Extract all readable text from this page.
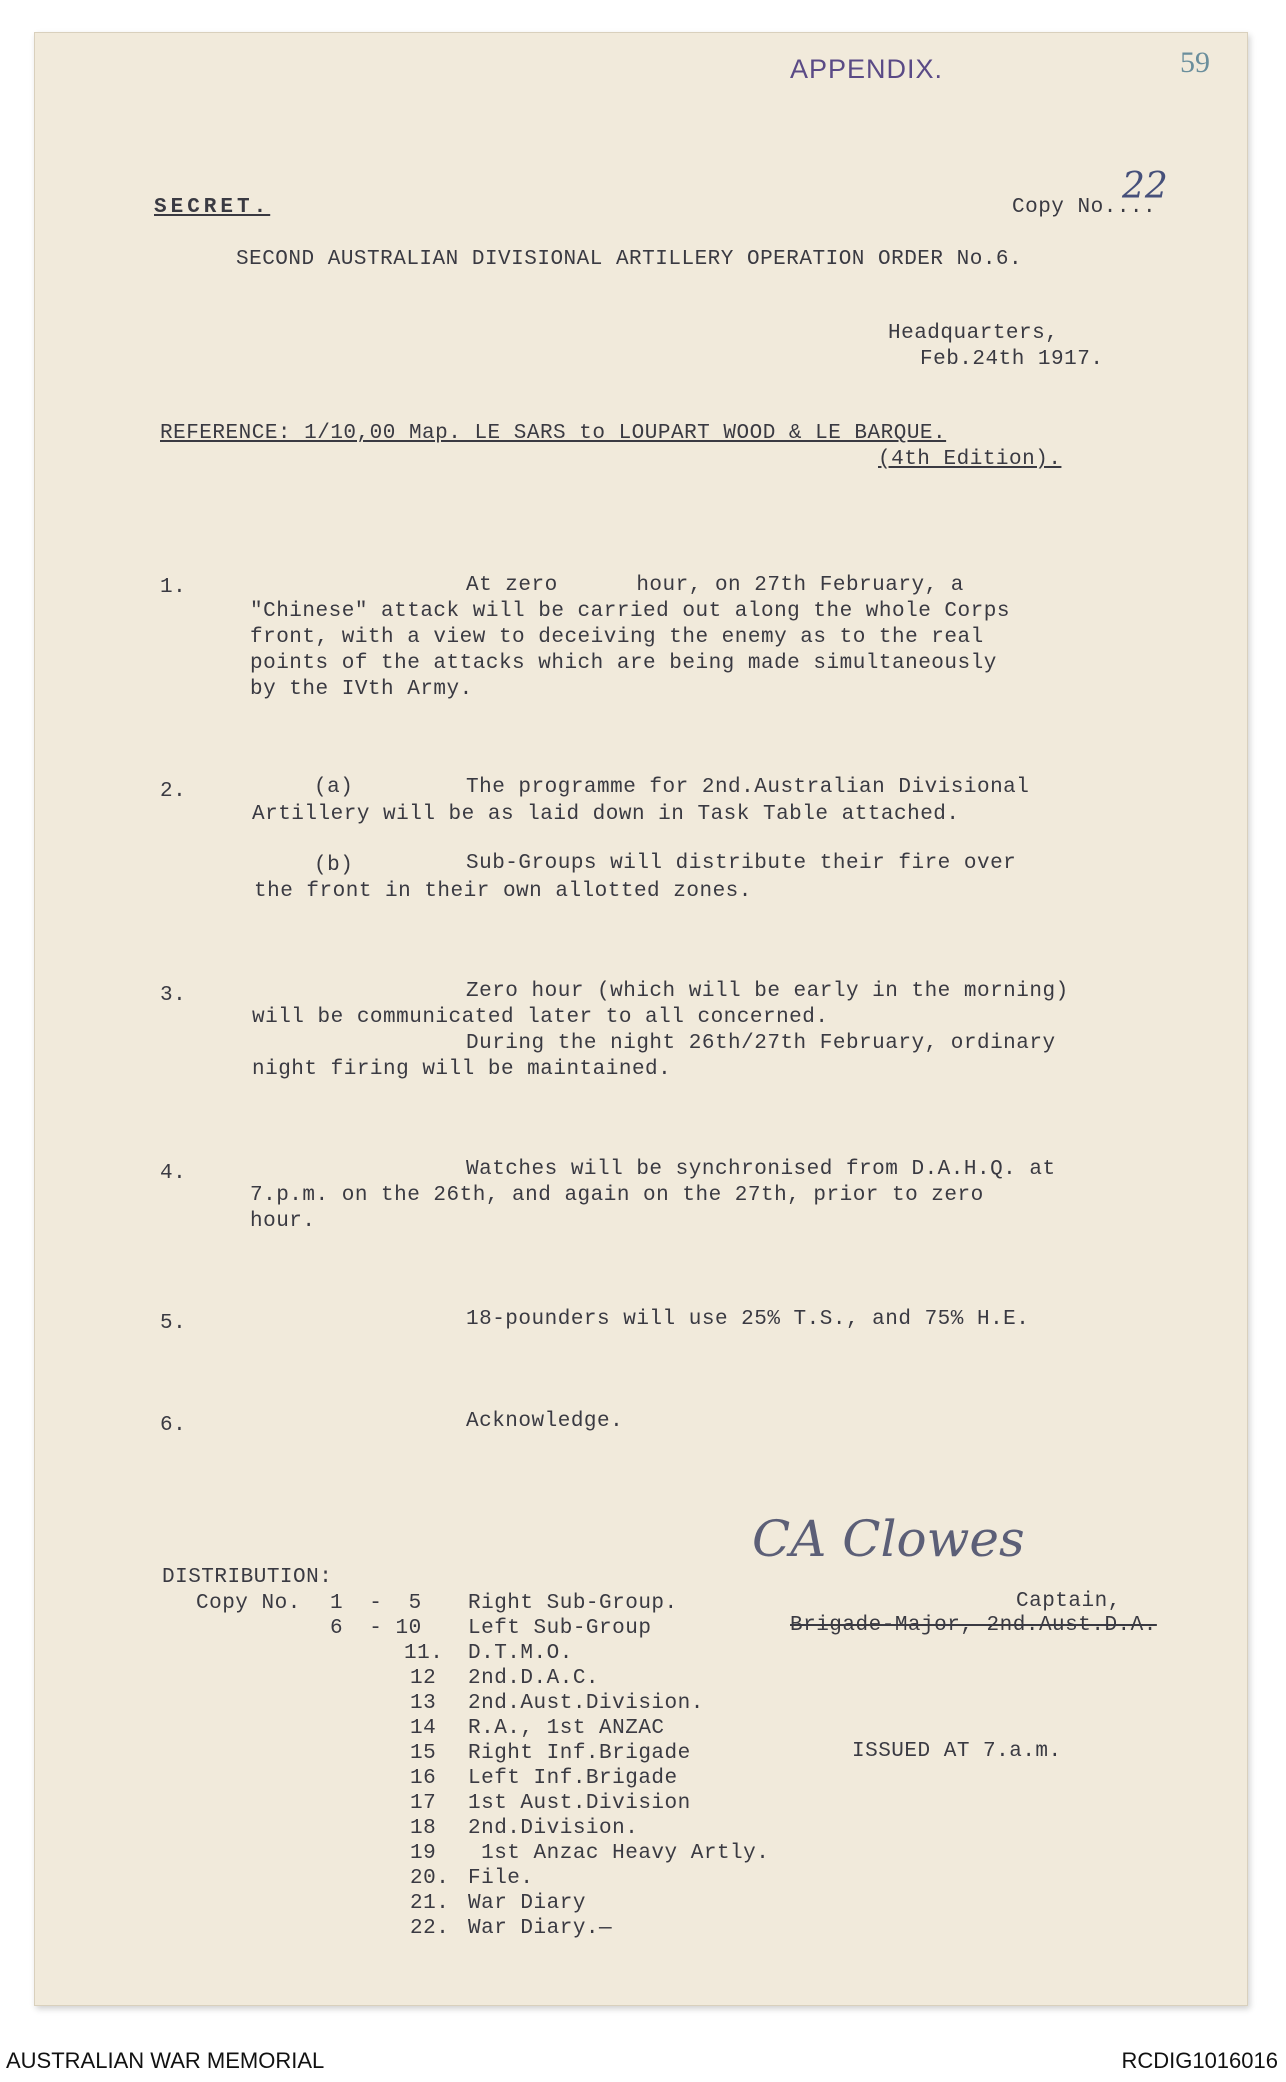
APPENDIX.	59
SECRET.	Copy No....
22
SECOND AUSTRALIAN DIVISIONAL ARTILLERY OPERATION ORDER No.6.
Headquarters,
Feb.24th 1917.
REFERENCE: 1/10,00 Map. LE SARS to LOUPART WOOD & LE BARQUE.
(4th Edition).
1.	At zero      hour, on 27th February, a
"Chinese" attack will be carried out along the whole Corps
front, with a view to deceiving the enemy as to the real
points of the attacks which are being made simultaneously
by the IVth Army.
2.	(a)	The programme for 2nd.Australian Divisional
Artillery will be as laid down in Task Table attached.
(b)	Sub-Groups will distribute their fire over
the front in their own allotted zones.
3.	Zero hour (which will be early in the morning)
will be communicated later to all concerned.
During the night 26th/27th February, ordinary
night firing will be maintained.
4.	Watches will be synchronised from D.A.H.Q. at
7.p.m. on the 26th, and again on the 27th, prior to zero
hour.
5.	18-pounders will use 25% T.S., and 75% H.E.
6.	Acknowledge.
CA Clowes
Captain,
Brigade-Major, 2nd.Aust.D.A.
ISSUED AT 7.a.m.
DISTRIBUTION:
Copy No. 1  -  5 Right Sub-Group.
6  - 10 Left Sub-Group
11. D.T.M.O.
12 2nd.D.A.C.
13 2nd.Aust.Division.
14 R.A., 1st ANZAC
15 Right Inf.Brigade
16 Left Inf.Brigade
17 1st Aust.Division
18 2nd.Division.
19 1st Anzac Heavy Artly.
20. File.
21. War Diary
22. War Diary.—
AUSTRALIAN WAR MEMORIAL	RCDIG1016016
